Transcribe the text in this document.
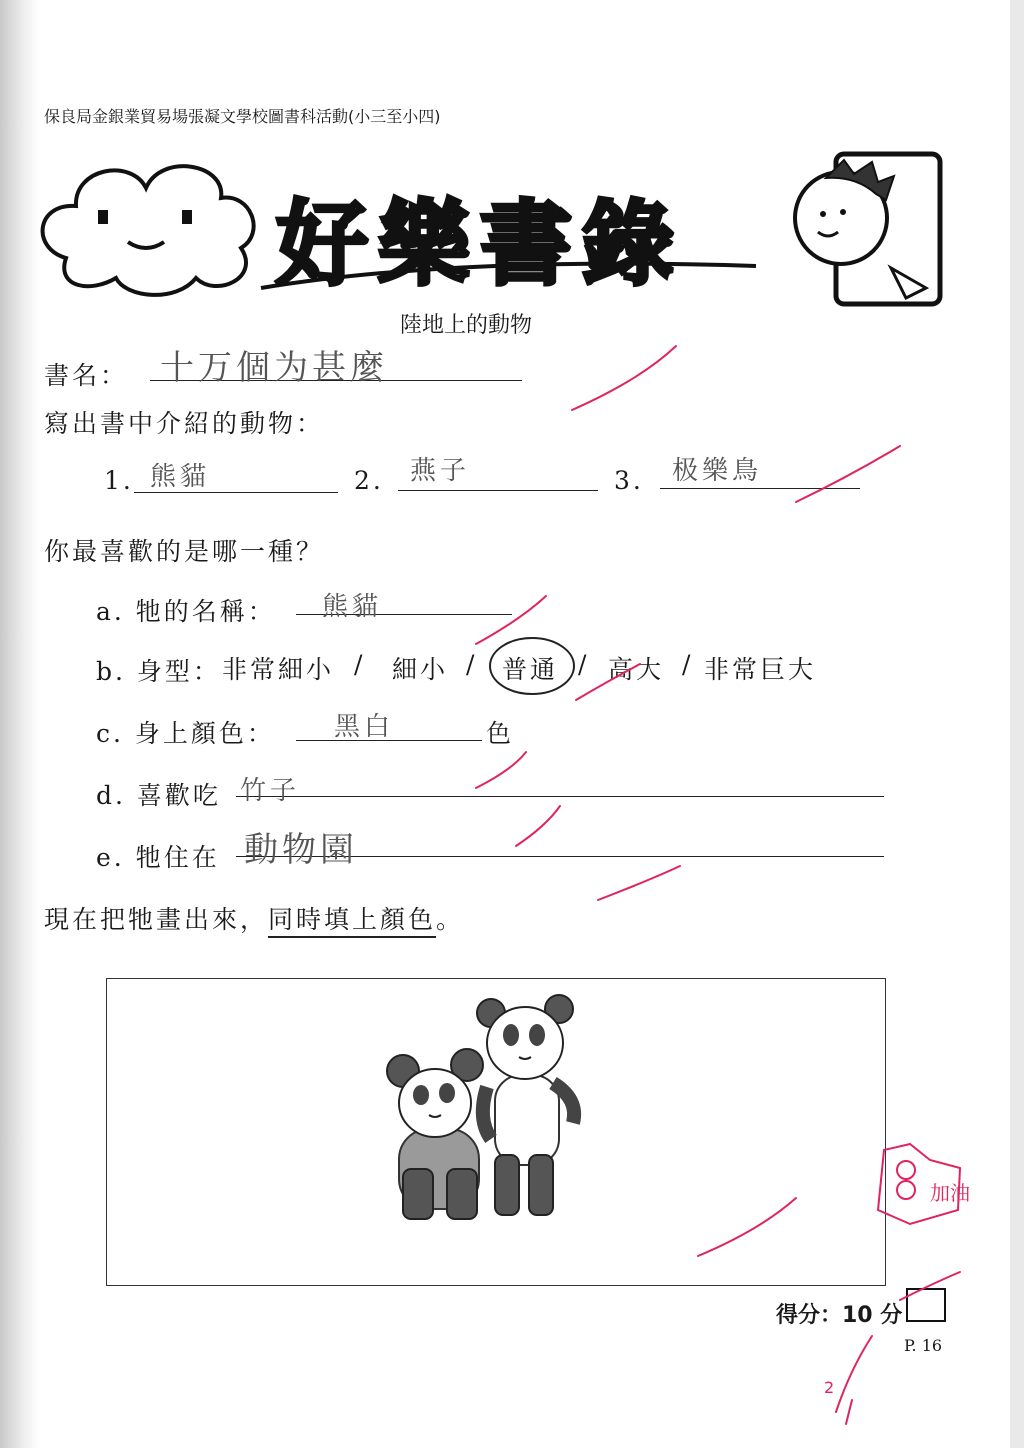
保良局金銀業貿易場張凝文學校圖書科活動(小三至小四)
好樂書錄
陸地上的動物
書名： 十万個为甚麼
寫出書中介紹的動物：
1. 熊貓	2. 燕子	3. 极樂鳥
你最喜歡的是哪一種？
a. 牠的名稱： 熊貓
b. 身型： 非常細小 / 細小 / 普通 / 高大 / 非常巨大
c. 身上顏色： 黑白	色
d. 喜歡吃 竹子
e. 牠住在 動物園
現在把牠畫出來，同時填上顏色。
加油
得分：10 分
P. 16
2
